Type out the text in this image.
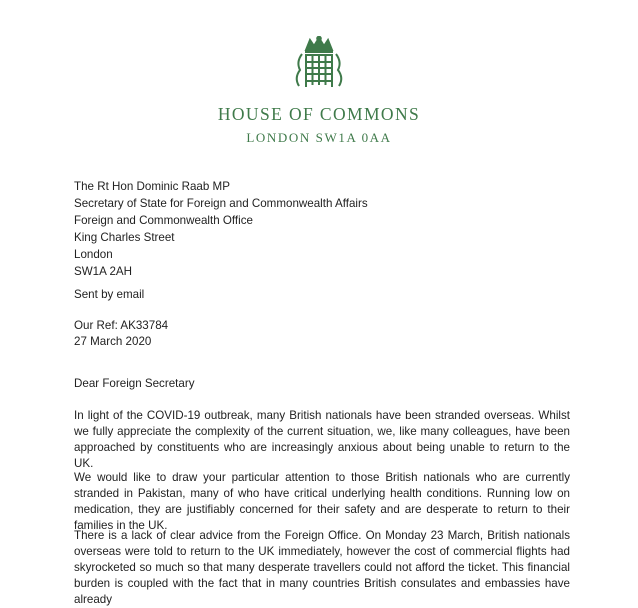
HOUSE OF COMMONS
LONDON SW1A 0AA
The Rt Hon Dominic Raab MP
Secretary of State for Foreign and Commonwealth Affairs
Foreign and Commonwealth Office
King Charles Street
London
SW1A 2AH
Sent by email
Our Ref: AK33784
27 March 2020
Dear Foreign Secretary
In light of the COVID-19 outbreak, many British nationals have been stranded overseas. Whilst we fully appreciate the complexity of the current situation, we, like many colleagues, have been approached by constituents who are increasingly anxious about being unable to return to the UK.
We would like to draw your particular attention to those British nationals who are currently stranded in Pakistan, many of who have critical underlying health conditions. Running low on medication, they are justifiably concerned for their safety and are desperate to return to their families in the UK.
There is a lack of clear advice from the Foreign Office. On Monday 23 March, British nationals overseas were told to return to the UK immediately, however the cost of commercial flights had skyrocketed so much so that many desperate travellers could not afford the ticket. This financial burden is coupled with the fact that in many countries British consulates and embassies have already
